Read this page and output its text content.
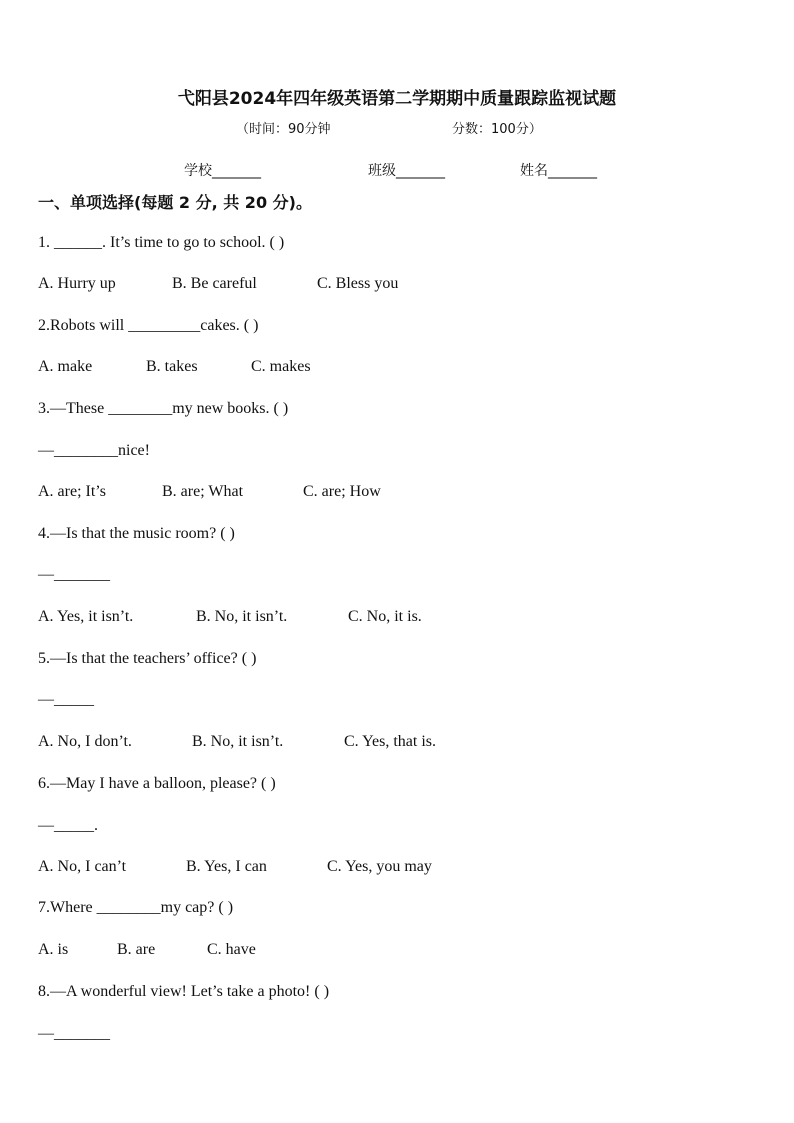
弋阳县2024年四年级英语第二学期期中质量跟踪监视试题
（时间：90分钟	分数：100分）
学校_______	班级_______	姓名_______
一、单项选择(每题 2 分, 共 20 分)。
1. ______. It’s time to go to school. ( )
A. Hurry up	B. Be careful	C. Bless you
2.Robots will _________cakes. ( )
A. make	B. takes	C. makes
3.—These ________my new books. ( )
—________nice!
A. are; It’s	B. are; What	C. are; How
4.—Is that the music room? ( )
—_______
A. Yes, it isn’t.	B. No, it isn’t.	C. No, it is.
5.—Is that the teachers’ office? ( )
—_____
A. No, I don’t.	B. No, it isn’t.	C. Yes, that is.
6.—May I have a balloon, please? ( )
—_____.
A. No, I can’t	B. Yes, I can	C. Yes, you may
7.Where ________my cap? ( )
A. is	B. are	C. have
8.—A wonderful view! Let’s take a photo! ( )
—_______
